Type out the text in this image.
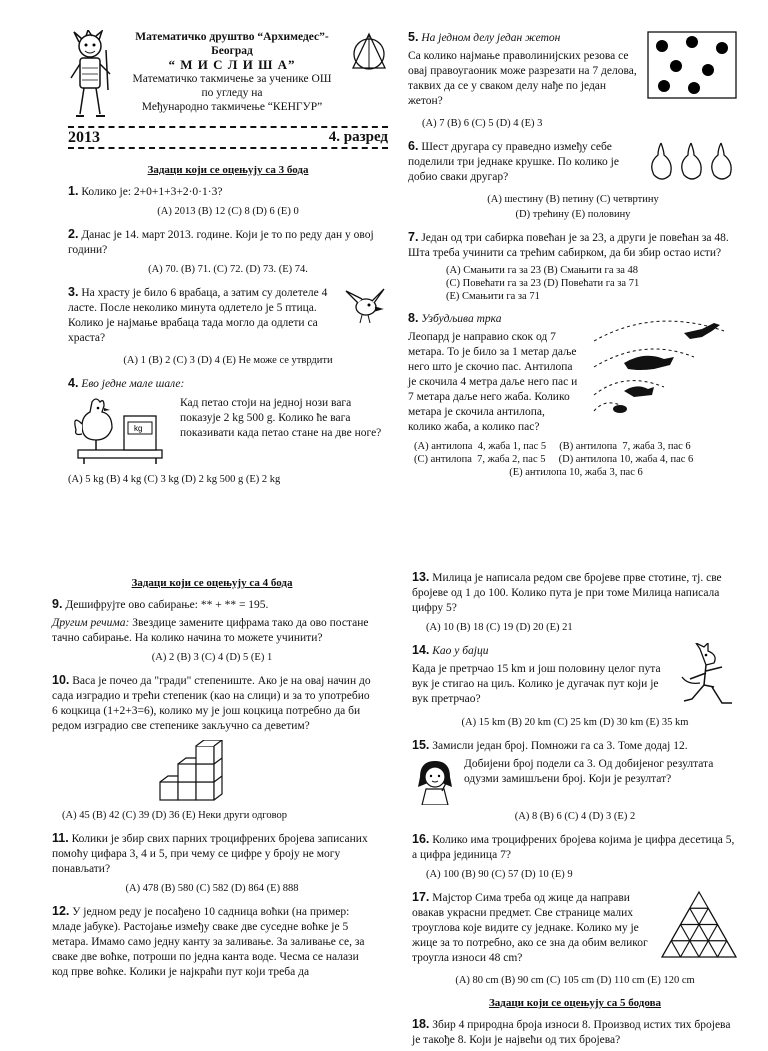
Математичко друштво “Архимедес”- Београд
“ М И С Л И Ш А”
Математичко такмичење за ученике ОШ
по угледу на
Међународно такмичење “КЕНГУР”
2013	4. разред
Задаци који се оцењују са 3 бода
1. Колико је: 2+0+1+3+2·0·1·3?
(A) 2013 (B) 12 (C) 8 (D) 6 (E) 0
2. Данас је 14. март 2013. године. Који је то по реду дан у овој години?
(A) 70. (B) 71. (C) 72. (D) 73. (E) 74.
3. На храсту је било 6 врабаца, а затим су долетеле 4 ласте. После неколико минута одлетело је 5 птица. Колико је најмање врабаца тада могло да одлети са храста?
(A) 1 (B) 2 (C) 3 (D) 4 (E) Не може се утврдити
4. Ево једне мале шале:
kg
Кад петао стоји на једној нози вага показује 2 kg 500 g. Колико ће вага показивати када петао стане на две ноге?
(A) 5 kg (B) 4 kg (C) 3 kg (D) 2 kg 500 g (E) 2 kg
5. На једном делу један жетон
Са колико најмање праволинијских резова се овај правоугаоник може разрезати на 7 делова, таквих да се у сваком делу нађе по један жетон?
(A) 7 (B) 6 (C) 5 (D) 4 (E) 3
6. Шест другара су праведно између себе поделили три једнаке крушке. По колико је добио сваки другар?
(A) шестину (B) петину (C) четвртину
(D) трећину (E) половину
7. Један од три сабирка повећан је за 23, а други је повећан за 48. Шта треба учинити са трећим сабирком, да би збир остао исти?
(A) Смањити га за 23 (B) Смањити га за 48
(C) Повећати га за 23 (D) Повећати га за 71
(E) Смањити га за 71
8. Узбудљива трка
Леопард је направио скок од 7 метара. То је било за 1 метар даље него што је скочио пас. Антилопа је скочила 4 метра даље него пас и 7 метара даље него жаба. Колико метара је скочила антилопа, колико жаба, а колико пас?
(A) антилопа  4, жаба 1, пас 5     (B) антилопа  7, жаба 3, пас 6
(C) антилопа  7, жаба 2, пас 5     (D) антилопа 10, жаба 4, пас 6
(E) антилопа 10, жаба 3, пас 6
Задаци који се оцењују са 4 бода
9. Дешифрујте ово сабирање: ** + ** = 195.
Другим речима: Звездице замените цифрама тако да ово постане тачно сабирање. На колико начина то можете учинити?
(A) 2 (B) 3 (C) 4 (D) 5 (E) 1
10. Васа је почео да "гради" степениште. Ако је на овај начин до сада изградио и трећи степеник (као на слици) и за то употребио 6 коцкица (1+2+3=6), колико му је још коцкица потребно да би редом изградио све степенике закључно са деветим?
(A) 45 (B) 42 (C) 39 (D) 36 (E) Неки други одговор
11. Колики је збир свих парних троцифрених бројева записаних помоћу цифара 3, 4 и 5, при чему се цифре у броју не могу понављати?
(A) 478 (B) 580 (C) 582 (D) 864 (E) 888
12. У једном реду је посађено 10 садница воћки (на пример: младе јабуке). Растојање између сваке две суседне воћке је 5 метара. Имамо само једну канту за заливање. За заливање се, за сваке две воћке, потроши по једна канта воде. Чесма се налази код прве воћке. Колики је најкраћи пут који треба да
13. Милица је написала редом све бројеве прве стотине, тј. све бројеве од 1 до 100. Колико пута је при томе Милица написала цифру 5?
(A) 10 (B) 18 (C) 19 (D) 20 (E) 21
14. Као у бајци
Када је претрчао 15 km и још половину целог пута вук је стигао на циљ. Колико је дугачак пут који је вук претрчао?
(A) 15 km (B) 20 km (C) 25 km (D) 30 km (E) 35 km
15. Замисли један број. Помножи га са 3. Томе додај 12.
Добијени број подели са 3. Од добијеног резултата одузми замишљени број. Који је резултат?
(A) 8 (B) 6 (C) 4 (D) 3 (E) 2
16. Колико има троцифрених бројева којима је цифра десетица 5, а цифра јединица 7?
(A) 100 (B) 90 (C) 57 (D) 10 (E) 9
17. Мајстор Сима треба од жице да направи овакав украсни предмет. Све странице малих троуглова које видите су једнаке. Колико му је жице за то потребно, ако се зна да обим великог троугла износи 48 cm?
(A) 80 cm (B) 90 cm (C) 105 cm (D) 110 cm (E) 120 cm
Задаци који се оцењују са 5 бодова
18. Збир 4 природна броја износи 8. Производ истих тих бројева је такође 8. Који је највећи од тих бројева?
